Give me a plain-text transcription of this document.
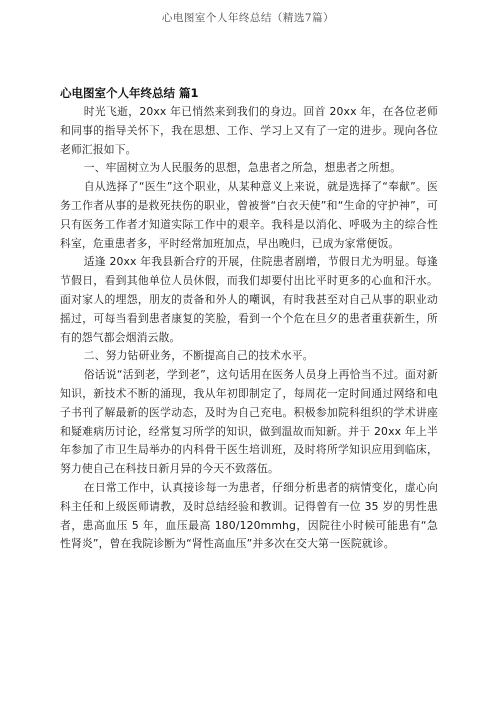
心电图室个人年终总结（精选7篇）
心电图室个人年终总结 篇1

时光飞逝，20xx 年已悄然来到我们的身边。回首 20xx 年，在各位老师和同事的指导关怀下，我在思想、工作、学习上又有了一定的进步。现向各位老师汇报如下。

一、牢固树立为人民服务的思想，急患者之所急，想患者之所想。

自从选择了“医生”这个职业，从某种意义上来说，就是选择了“奉献”。医务工作者从事的是救死扶伤的职业，曾被誉“白衣天使”和“生命的守护神”，可只有医务工作者才知道实际工作中的艰辛。我科是以消化、呼吸为主的综合性科室，危重患者多，平时经常加班加点，早出晚归，已成为家常便饭。

适逢 20xx 年我县新合疗的开展，住院患者剧增，节假日尤为明显。每逢节假日，看到其他单位人员休假，而我们却要付出比平时更多的心血和汗水。面对家人的埋怨，朋友的责备和外人的嘲讽，有时我甚至对自己从事的职业动摇过，可每当看到患者康复的笑脸，看到一个个危在旦夕的患者重获新生，所有的怨气都会烟消云散。

二、努力钻研业务，不断提高自己的技术水平。

俗话说“活到老，学到老”，这句话用在医务人员身上再恰当不过。面对新知识，新技术不断的涌现，我从年初即制定了，每周花一定时间通过网络和电子书刊了解最新的医学动态，及时为自己充电。积极参加院科组织的学术讲座和疑难病历讨论，经常复习所学的知识，做到温故而知新。并于 20xx 年上半年参加了市卫生局举办的内科骨干医生培训班，及时将所学知识应用到临床，努力使自己在科技日新月异的今天不致落伍。

在日常工作中，认真接诊每一为患者，仔细分析患者的病情变化，虚心向科主任和上级医师请教，及时总结经验和教训。记得曾有一位 35 岁的男性患者，患高血压 5 年，血压最高 180/120mmhg，因院往小时候可能患有“急性肾炎”，曾在我院诊断为“肾性高血压”并多次在交大第一医院就诊。
